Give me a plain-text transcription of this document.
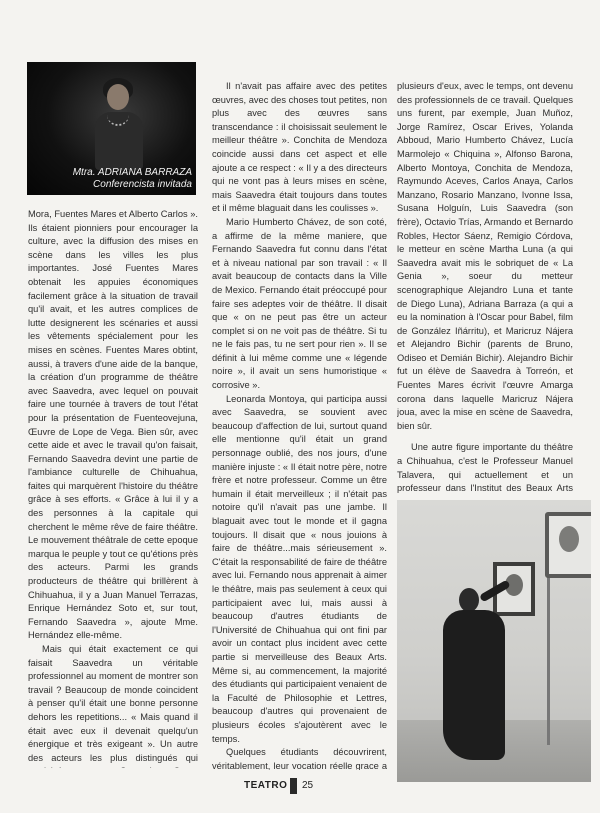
Mtra. ADRIANA BARRAZA
Conferencista invitada

Mora, Fuentes Mares et Alberto Carlos ». Ils étaient pionniers pour encourager la culture, avec la diffusion des mises en scène dans les villes les plus importantes. José Fuentes Mares obtenait les appuies économiques facilement grâce à la situation de travail qu'il avait, et les autres complices de lutte designerent les scénaries et aussi les vêtements spécialement pour les mises en scènes. Fuentes Mares obtint, aussi, à travers d'une aide de la banque, la création d'un programme de théâtre avec Saavedra, avec lequel on pouvait faire une tournée à travers de tout l'état pour la présentation de Fuenteovejuna, Œuvre de Lope de Vega. Bien sûr, avec cette aide et avec le travail qu'on faisait, Fernando Saavedra devint une partie de l'ambiance culturelle de Chihuahua, faites qui marquèrent l'histoire du théâtre grâce à ses efforts. « Grâce à lui il y a des personnes à la capitale qui cherchent le même rêve de faire théâtre. Le mouvement théâtrale de cette epoque marqua le peuple y tout ce qu'étions près des acteurs. Parmi les grands producteurs de théâtre qui brillèrent à Chihuahua, il y a Juan Manuel Terrazas, Enrique Hernández Soto et, sur tout, Fernando Saavedra », ajoute Mme. Hernández elle-même.

Mais qui était exactement ce qui faisait Saavedra un véritable professionnel au moment de montrer son travail ? Beaucoup de monde coincident à penser qu'il était une bonne personne dehors les repetitions... « Mais quand il était avec eux il devenait quelqu'un énergique et très exigeant ». Un autre des acteurs les plus distingués qui

Il n'avait pas affaire avec des petites œuvres, avec des choses tout petites, non plus avec des œuvres sans transcendance : il choisissait seulement le meilleur théâtre ». Conchita de Mendoza coincide aussi dans cet aspect et elle ajoute a ce respect : « Il y a des directeurs qui ne vont pas à leurs mises en scène, mais Saavedra était toujours dans toutes et il même blaguait dans les coulisses ».

Mario Humberto Chávez, de son coté, a affirme de la même maniere, que Fernando Saavedra fut connu dans l'état et à niveau national par son travail : « Il avait beaucoup de contacts dans la Ville de Mexico. Fernando était préoccupé pour faire ses adeptes voir de théâtre. Il disait que « on ne peut pas être un acteur complet si on ne voit pas de théâtre. Si tu ne le fais pas, tu ne sert pour rien ». Il se définit à lui même comme une « légende noire », il avait un sens humoristique « corrosive ».

Leonarda Montoya, qui participa aussi avec Saavedra, se souvient avec beaucoup d'affection de lui, surtout quand elle mentionne qu'il était un grand personnage oublié, des nos jours, d'une manière injuste : « Il était notre père, notre frère et notre professeur. Comme un être humain il était merveilleux ; il n'était pas notoire qu'il n'avait pas une jambe. Il blaguait avec tout le monde et il gagna toujours. Il disait que « nous jouions à faire de théâtre...mais sérieusement ». C'était la responsabilité de faire de théâtre avec lui. Fernando nous apprenait à aimer le théâtre, mais pas seulement à ceux qui participaient avec lui, mais aussi à beaucoup d'autres étudiants de l'Université de Chihuahua qui ont fini par avoir un contact plus incident avec cette partie si merveilleuse des Beaux Arts. Même si, au commencement, la majorité des étudiants qui participaient venaient de la Faculté de Philosophie et Lettres, beaucoup d'autres qui provenaient de plusieurs écoles s'ajoutèrent avec le temps.

Quelques étudiants découvrirent, véritablement, leur vocation réelle grace a

plusieurs d'eux, avec le temps, ont devenu des professionnels de ce travail. Quelques uns furent, par exemple, Juan Muñoz, Jorge Ramírez, Oscar Erives, Yolanda Abboud, Mario Humberto Chávez, Lucía Marmolejo « Chiquina », Alfonso Barona, Alberto Montoya, Conchita de Mendoza, Raymundo Aceves, Carlos Anaya, Carlos Manzano, Rosario Manzano, Ivonne Issa, Susana Holguín, Luis Saavedra (son frère), Octavio Trías, Armando et Bernardo Robles, Hector Sáenz, Remigio Córdova, le metteur en scène Martha Luna (a qui Saavedra avait mis le sobriquet de « La Genia », soeur du metteur scenographique Alejandro Luna et tante de Diego Luna), Adriana Barraza (a qui a eu la nomination à l'Oscar pour Babel, film de González Iñárritu), et Maricruz Nájera et Alejandro Bichir (parents de Bruno, Odiseo et Demián Bichir). Alejandro Bichir fut un élève de Saavedra à Torreón, et Fuentes Mares écrivit l'œuvre Amarga corona dans laquelle Maricruz Nájera joua, avec la mise en scène de Saavedra, bien sûr.

Une autre figure importante du théâtre a Chihuahua, c'est le Professeur Manuel Talavera, qui actuellement et un professeur dans l'Institut des Beaux Arts

TEATRO 25
